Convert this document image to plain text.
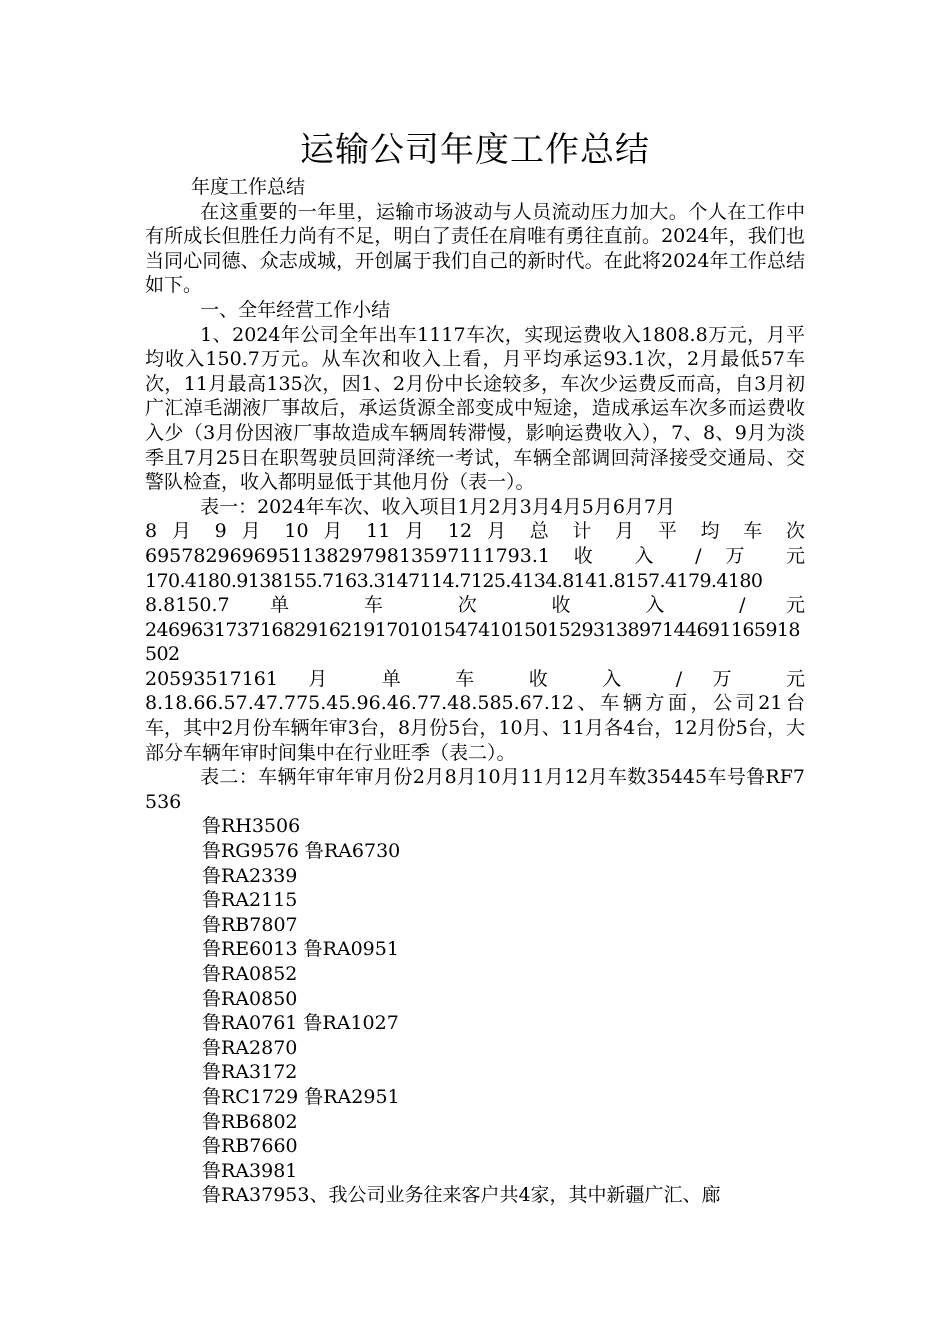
运输公司年度工作总结

年度工作总结

在这重要的一年里，运输市场波动与人员流动压力加大。个人在工作中有所成长但胜任力尚有不足，明白了责任在肩唯有勇往直前。2024年，我们也当同心同德、众志成城，开创属于我们自己的新时代。在此将2024年工作总结如下。

一、全年经营工作小结

1、2024年公司全年出车1117车次，实现运费收入1808.8万元，月平均收入150.7万元。从车次和收入上看，月平均承运93.1次，2月最低57车次，11月最高135次，因1、2月份中长途较多，车次少运费反而高，自3月初广汇淖毛湖液厂事故后，承运货源全部变成中短途，造成承运车次多而运费收入少（3月份因液厂事故造成车辆周转滞慢，影响运费收入），7、8、9月为淡季且7月25日在职驾驶员回菏泽统一考试，车辆全部调回菏泽接受交通局、交警队检查，收入都明显低于其他月份（表一）。

表一：2024年车次、收入项目1月2月3月4月5月6月7月

8 月 9 月 10 月 11 月 12 月 总 计 月 平 均 车 次

69578296969511382979813597111793.1 收 入 / 万 元

170.4180.9138155.7163.3147114.7125.4134.8141.8157.4179.4180

8.8150.7 单 车 次 收 入 / 元

246963173716829162191701015474101501529313897144691165918502

20593517161 月 单 车 收 入 / 万 元

8.18.66.57.47.775.45.96.46.77.48.585.67.12、车辆方面，公司21台车，其中2月份车辆年审3台，8月份5台，10月、11月各4台，12月份5台，大部分车辆年审时间集中在行业旺季（表二）。

表二：车辆年审年审月份2月8月10月11月12月车数35445车号鲁RF7536

鲁RH3506

鲁RG9576 鲁RA6730

鲁RA2339

鲁RA2115

鲁RB7807

鲁RE6013 鲁RA0951

鲁RA0852

鲁RA0850

鲁RA0761 鲁RA1027

鲁RA2870

鲁RA3172

鲁RC1729 鲁RA2951

鲁RB6802

鲁RB7660

鲁RA3981

鲁RA37953、我公司业务往来客户共4家，其中新疆广汇、廊
